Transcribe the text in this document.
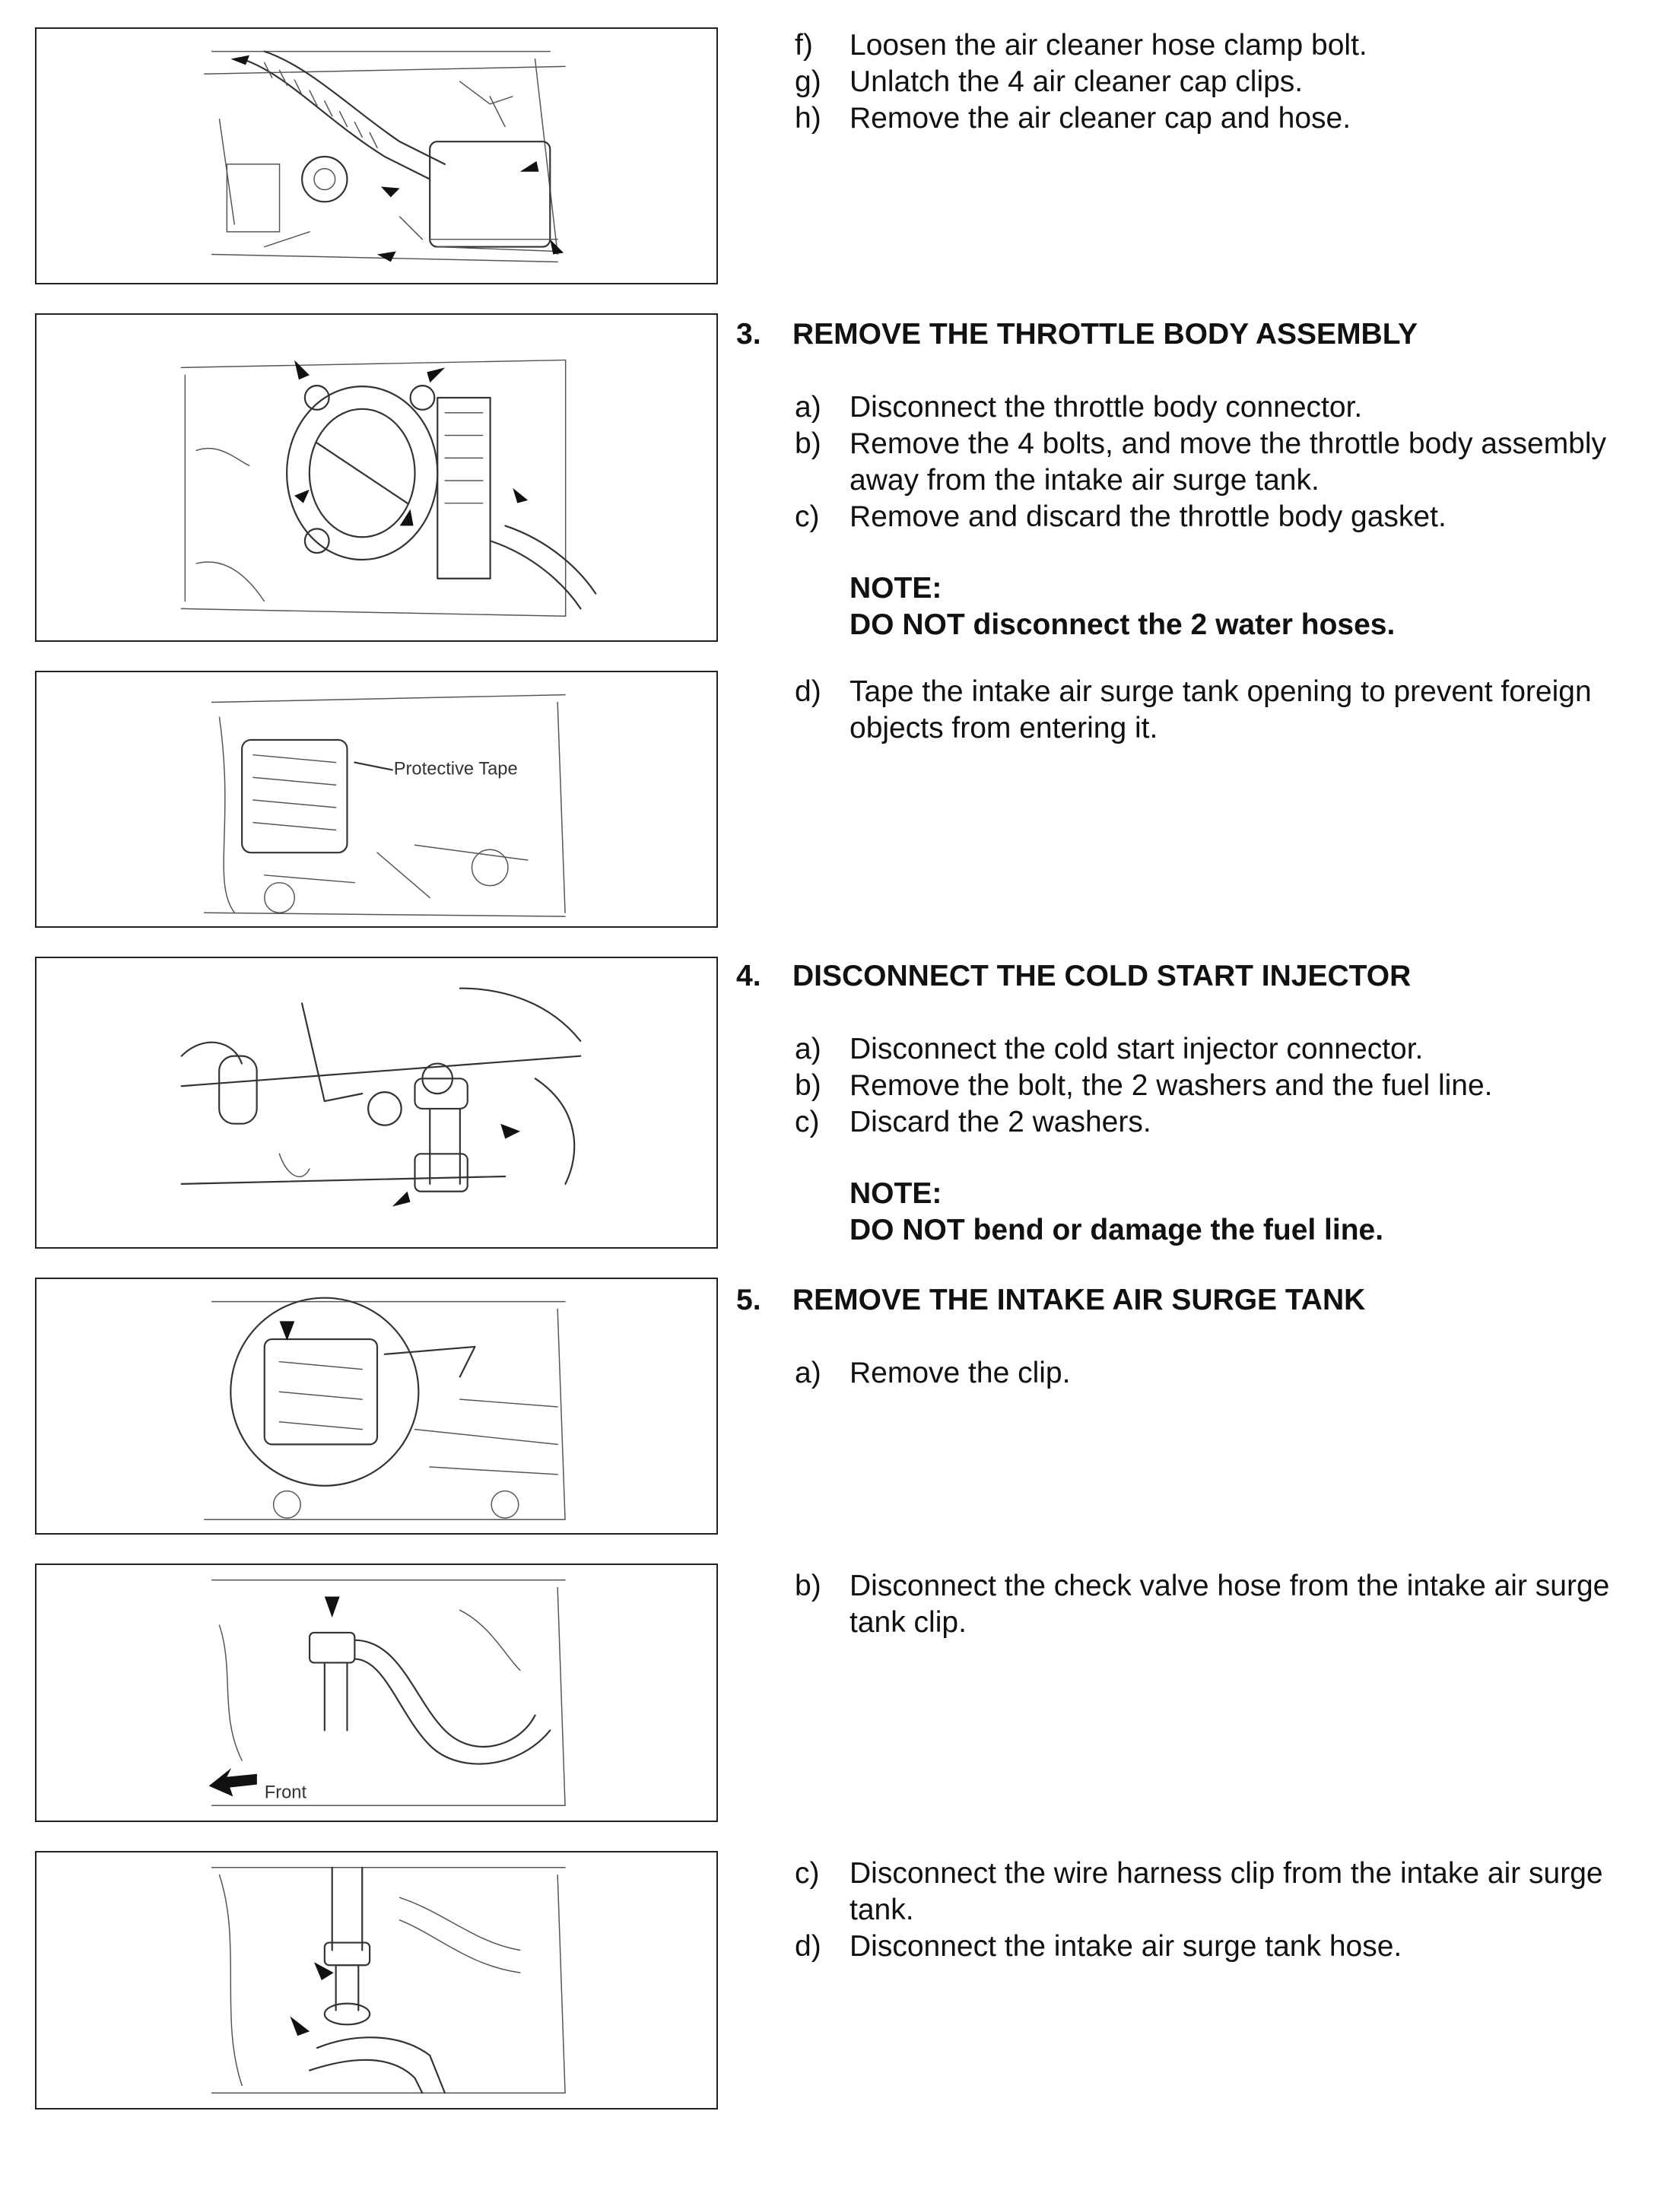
Protective Tape
Front
f) Loosen the air cleaner hose clamp bolt.
g) Unlatch the 4 air cleaner cap clips.
h) Remove the air cleaner cap and hose.
3. REMOVE THE THROTTLE BODY ASSEMBLY
a) Disconnect the throttle body connector.
b) Remove the 4 bolts, and move the throttle body assembly away from the intake air surge tank.
c) Remove and discard the throttle body gasket.
NOTE:
DO NOT disconnect the 2 water hoses.
d) Tape the intake air surge tank opening to prevent foreign objects from entering it.
4. DISCONNECT THE COLD START INJECTOR
a) Disconnect the cold start injector connector.
b) Remove the bolt, the 2 washers and the fuel line.
c) Discard the 2 washers.
NOTE:
DO NOT bend or damage the fuel line.
5. REMOVE THE INTAKE AIR SURGE TANK
a) Remove the clip.
b) Disconnect the check valve hose from the intake air surge tank clip.
c) Disconnect the wire harness clip from the intake air surge tank.
d) Disconnect the intake air surge tank hose.
